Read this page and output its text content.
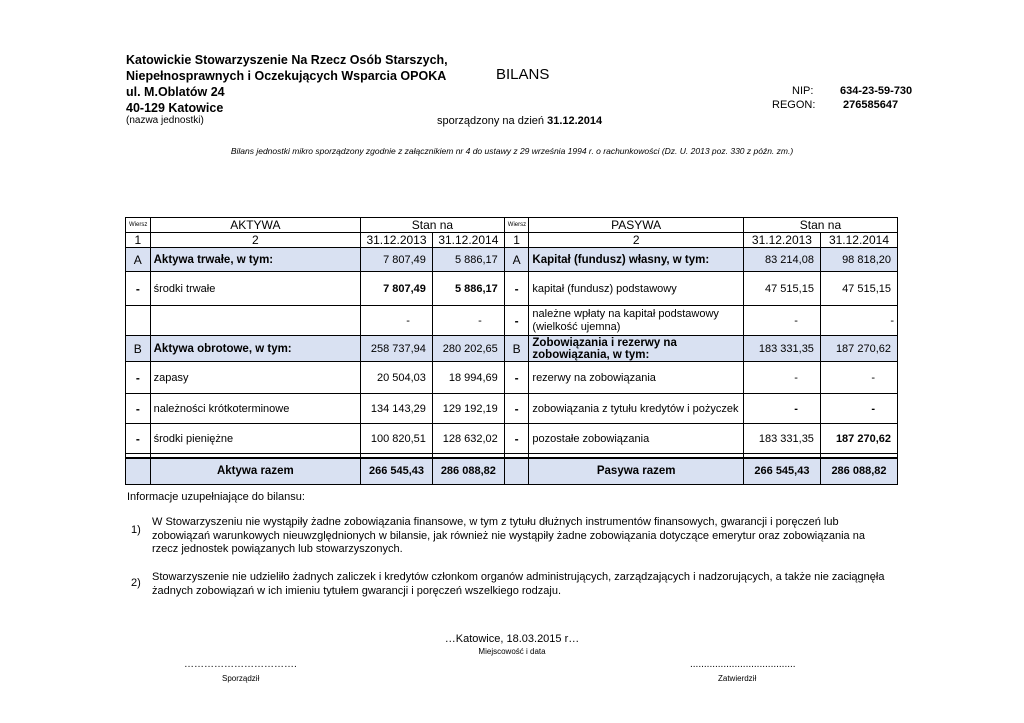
Katowickie Stowarzyszenie Na Rzecz Osób Starszych,
Niepełnosprawnych i Oczekujących Wsparcia OPOKA
ul. M.Oblatów 24
40-129 Katowice
(nazwa jednostki)
BILANS
NIP: 634-23-59-730
REGON:	276585647
sporządzony na dzień 31.12.2014
Bilans jednostki mikro sporządzony zgodnie z załącznikiem nr 4 do ustawy z 29 września 1994 r. o rachunkowości (Dz. U. 2013 poz. 330 z późn. zm.)
Wiersz	AKTYWA	Stan na		Wiersz	PASYWA	Stan na	
1	2	31.12.2013	31.12.2014	1	2	31.12.2013	31.12.2014
A	Aktywa trwałe, w tym:	7 807,49	5 886,17	A	Kapitał (fundusz) własny, w tym:	83 214,08	98 818,20
-	środki trwałe	7 807,49	5 886,17	-	kapitał (fundusz) podstawowy	47 515,15	47 515,15
		-	-	-	należne wpłaty na kapitał podstawowy (wielkość ujemna)	-	-
B	Aktywa obrotowe, w tym:	258 737,94	280 202,65	B	Zobowiązania i rezerwy na zobowiązania, w tym:	183 331,35	187 270,62
-	zapasy	20 504,03	18 994,69	-	rezerwy na zobowiązania	-	-
-	należności krótkoterminowe	134 143,29	129 192,19	-	zobowiązania z tytułu kredytów i pożyczek	-	-
-	środki pieniężne	100 820,51	128 632,02	-	pozostałe zobowiązania	183 331,35	187 270,62

	Aktywa razem	266 545,43	286 088,82		Pasywa razem	266 545,43	286 088,82
Informacje uzupełniające do bilansu:
1)
W Stowarzyszeniu nie wystąpiły żadne zobowiązania finansowe, w tym z tytułu dłużnych instrumentów finansowych, gwarancji i poręczeń lub zobowiązań warunkowych nieuwzględnionych w bilansie, jak również nie wystąpiły żadne zobowiązania dotyczące emerytur oraz zobowiązania na rzecz jednostek powiązanych lub stowarzyszonych.
2) Stowarzyszenie nie udzieliło żadnych zaliczek i kredytów członkom organów administrujących, zarządzających i nadzorujących, a także nie zaciągnęła żadnych zobowiązań w ich imieniu tytułem gwarancji i poręczeń wszelkiego rodzaju.
…Katowice, 18.03.2015 r…
Miejscowość i data
…………………………….
Sporządził
......................................
Zatwierdził
